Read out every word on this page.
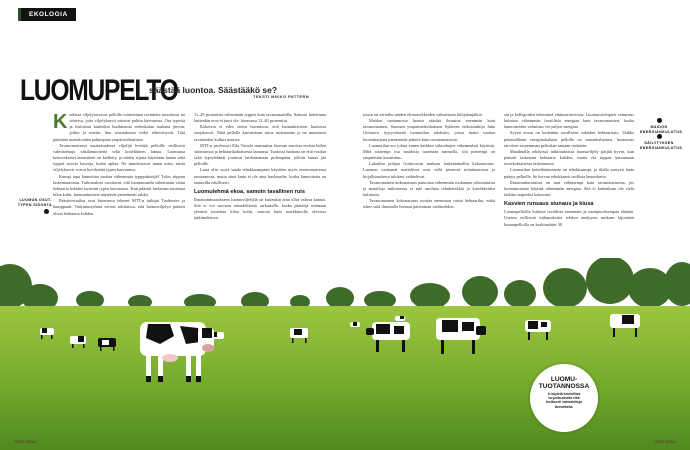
EKOLOGIA
LUOMUPELTO
säästää luontoa. Säästääkö se?
TEKSTI MIKKO PATTERN
LUOMUN OSUT-TYPEN SIDONTA
K aikissa viljelytavoissa pellolle toimitetaan ravinteita muodossa tai toisessa, jotta viljelykasvit saisivat pulttia kasvuunsa. Osa typestä ja fosforista kuitenkin huuhtoutuu vedenkulun mukana järviin, joihin ja meriin. Sen seurauksena vedet rehevöityvät. Tätä päästään maatalouden pahimpana ympäristöhaittana.

Tavanomaisessa maataloudessa viljelijä levittää pelloille teollisesti valmistettuja väkilannoitteita sekä kotieläinten lantaa. Luomussa keinotekoiset lannoitteet on kielletty, ja niiden sijasta käytetään lantaa sekä typpeä sitovia kasveja, kuten apilaa. Ne muodostavat maan osiin, mistä viljelykasvit voivat hyödyntää typen kasvuunsa.

Kumpi tapa lannoittaa tuottaa vähemmän typpipäästöjä? Tulos riippuu laskentatavasta. Tutkimukset osoittavat, että luomumaalla vähemmän valuu hehtaaria kohden tuotetun typen kasvuunsa. Kun päästöt lasketaan tuotettua kiloa kohti, luomuntuotteet näyttävät pienemmät saldot.

Päästövertailua ovat Suomessa tehneet MTT:n tutkijat Tuohimies ja kumppanit. Tutkimusryhmä vertasi tuloksissa, että luomuviljelyn päästöt olivat hehtaaria kohden

11–29 prosenttia vähemmän typpeä kuin tavanomaisilla. Sadosta laskettuna kuitenkin eroa ei juuri ole: luomussa 12–40 prosenttia.

Kokeissa ei edes otettu huomioon, että luomukiertoon kuuluvat suojakasvit. Niitä pellolle kasvatetaan satoa tuottamatta ja ne muuttavat ravinteiden kulkua maassa.

MTT:n professori Eila Turtola muistuttaa luomun suurista eroista hiilen sitomisessa ja hehtaarikohtaisessa lannassa. Tuotossa haittana on että vasikat sekä lypsylehmät joutuvat laiduntamaan pidempään, jolloin lantaa jää pelloille.

Lasta olisi syytä saada tehokkaampaan käyttöön myös tavanomaisessa tuotannossa, mutta siinä lanta ei ole aina huolenaihe, koska lannoitteita on saatavilla edullisesti.

Luomulehmä ekoa, samoin tavallinen ruis

Ilmastonmuutokseen luomuviljelyllä on kuitenkin aina ollut vahvat kannat. Sitä ei voi suoraan taloudellisesti tarkastella, koska päästöjä mitataan yleensä tuotettua kiloa kohti, samoin kuin markkinoilla olevissa tutkimuksissa.

joissa on vertailtu näiden elintarvikkeiden valmistusta hiilijalanjälkiä.

Maidon tuotannossa luomu säästää ilmastoa enemmän kuin tavanomainen. Suomen ympäristökeskuksen Sykkeen erikoistutkija Juha Grönroos tyytyväisenä luomutilan tuloksiin, joissa maito tuottaa luomukarjasta pienemmät päästöt kuin tavanomaisesta.

Luomutilan ero johtui ennen kaikkea väkirehujen vähemmästä käytöstä. Mitä suurempi osa maidosta tuotetaan nurmella, sitä pienempi on ympäristön kuormitus.

Lukuihin pohjaa Grönroosin mukaan laskentamallin kokonaisuus. Luomun tuottamat maitolitrat ovat vielä pienessä mittakaavassa ja kirjallisuudessa tulokset vaihtelevat.

Tavanomainen kokonaisuus painottaa vähemmän ruokinnan tehostamista ja maatiloja tutkittaessa ei tule unohtaa rehuhävikkiä ja kuivikkeiden kulutusta.

Tavanomainen kokonaisuus tuottaa enemmän ruista hehtaarilta, mikä tekee siitä ilmastolle hieman paremman vaihtoehdon.

sin ja kollegoiden tekemästä elinkaariarviosta. Luomuruisleipien valmistus kuluttaa vähemmän fossiilista energiaa kuin tavanomaisten, koska lannoitteiden valmistus vie paljon energiaa.

Syynä eroon on kuitenkin tavallisten rukiiden hehtaarisato. Vaikka pääasiallinen energiankulutus pellolla on samankaltainen, luomuruis tarvitsee suuremman peltoalan samaan määrään.

Maailmalla tehdyissä tutkimuksissa luomuviljely pärjää hyvin, kun päästöt lasketaan hehtaaria kohden, mutta eta tuppaa katoamaan tuotekohtaisessa laskennassa.

Luomutilan kotieläintuotanto on tehokkaampi, ja tilalla syntyvä lanta päätyy pelloille. Se korvaa tehokkaasti teollisia lannoitteita.

Ilmastonkuormitus on taas vähäisempi kuin tavanomaisessa, jos luomutuotanto käyttää vähemmän energiaa. Sitä ei kuitenkaan ole vielä tutkittu tarpeeksi kattavasti.

Kasvien runsaus siunaus ja kiusa

Luomupelloilla kuhisee tavallista enemmän ja monipuolisempaa elämää. Useista erillisistä tutkimuksista tehdyn analyysin mukaan lajimäärä luomupelloilla on keskimäärin 30

MAIDON ENERGIANKULUTUS
SÄILYTYKSEN ENERGIANKULUTUS
LUOMU-TUOTANNOSSA
ei käytetä kemiallisia torjunta-aineita eikä teollisesti valmistettuja lannoitteita.
TIEDE 6/2014	TIEDE 6/2014
